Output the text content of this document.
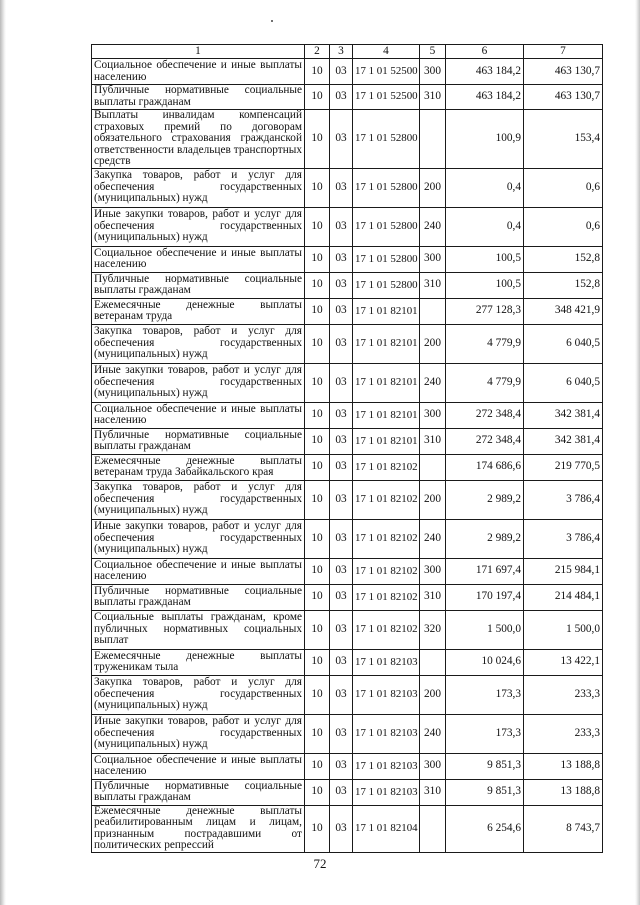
1	2	3	4	5	6	7
Социальное обеспечение и иные выплаты населению	10	03	17 1 01 52500	300	463 184,2	463 130,7
Публичные нормативные социальные выплаты гражданам	10	03	17 1 01 52500	310	463 184,2	463 130,7
Выплаты инвалидам компенсаций страховых премий по договорам обязательного страхования гражданской ответственности владельцев транспортных средств	10	03	17 1 01 52800		100,9	153,4
Закупка товаров, работ и услуг для обеспечения государственных (муниципальных) нужд	10	03	17 1 01 52800	200	0,4	0,6
Иные закупки товаров, работ и услуг для обеспечения государственных (муниципальных) нужд	10	03	17 1 01 52800	240	0,4	0,6
Социальное обеспечение и иные выплаты населению	10	03	17 1 01 52800	300	100,5	152,8
Публичные нормативные социальные выплаты гражданам	10	03	17 1 01 52800	310	100,5	152,8
Ежемесячные денежные выплаты ветеранам труда	10	03	17 1 01 82101		277 128,3	348 421,9
Закупка товаров, работ и услуг для обеспечения государственных (муниципальных) нужд	10	03	17 1 01 82101	200	4 779,9	6 040,5
Иные закупки товаров, работ и услуг для обеспечения государственных (муниципальных) нужд	10	03	17 1 01 82101	240	4 779,9	6 040,5
Социальное обеспечение и иные выплаты населению	10	03	17 1 01 82101	300	272 348,4	342 381,4
Публичные нормативные социальные выплаты гражданам	10	03	17 1 01 82101	310	272 348,4	342 381,4
Ежемесячные денежные выплаты ветеранам труда Забайкальского края	10	03	17 1 01 82102		174 686,6	219 770,5
Закупка товаров, работ и услуг для обеспечения государственных (муниципальных) нужд	10	03	17 1 01 82102	200	2 989,2	3 786,4
Иные закупки товаров, работ и услуг для обеспечения государственных (муниципальных) нужд	10	03	17 1 01 82102	240	2 989,2	3 786,4
Социальное обеспечение и иные выплаты населению	10	03	17 1 01 82102	300	171 697,4	215 984,1
Публичные нормативные социальные выплаты гражданам	10	03	17 1 01 82102	310	170 197,4	214 484,1
Социальные выплаты гражданам, кроме публичных нормативных социальных выплат	10	03	17 1 01 82102	320	1 500,0	1 500,0
Ежемесячные денежные выплаты труженикам тыла	10	03	17 1 01 82103		10 024,6	13 422,1
Закупка товаров, работ и услуг для обеспечения государственных (муниципальных) нужд	10	03	17 1 01 82103	200	173,3	233,3
Иные закупки товаров, работ и услуг для обеспечения государственных (муниципальных) нужд	10	03	17 1 01 82103	240	173,3	233,3
Социальное обеспечение и иные выплаты населению	10	03	17 1 01 82103	300	9 851,3	13 188,8
Публичные нормативные социальные выплаты гражданам	10	03	17 1 01 82103	310	9 851,3	13 188,8
Ежемесячные денежные выплаты реабилитированным лицам и лицам, признанным пострадавшими от политических репрессий	10	03	17 1 01 82104		6 254,6	8 743,7
72
